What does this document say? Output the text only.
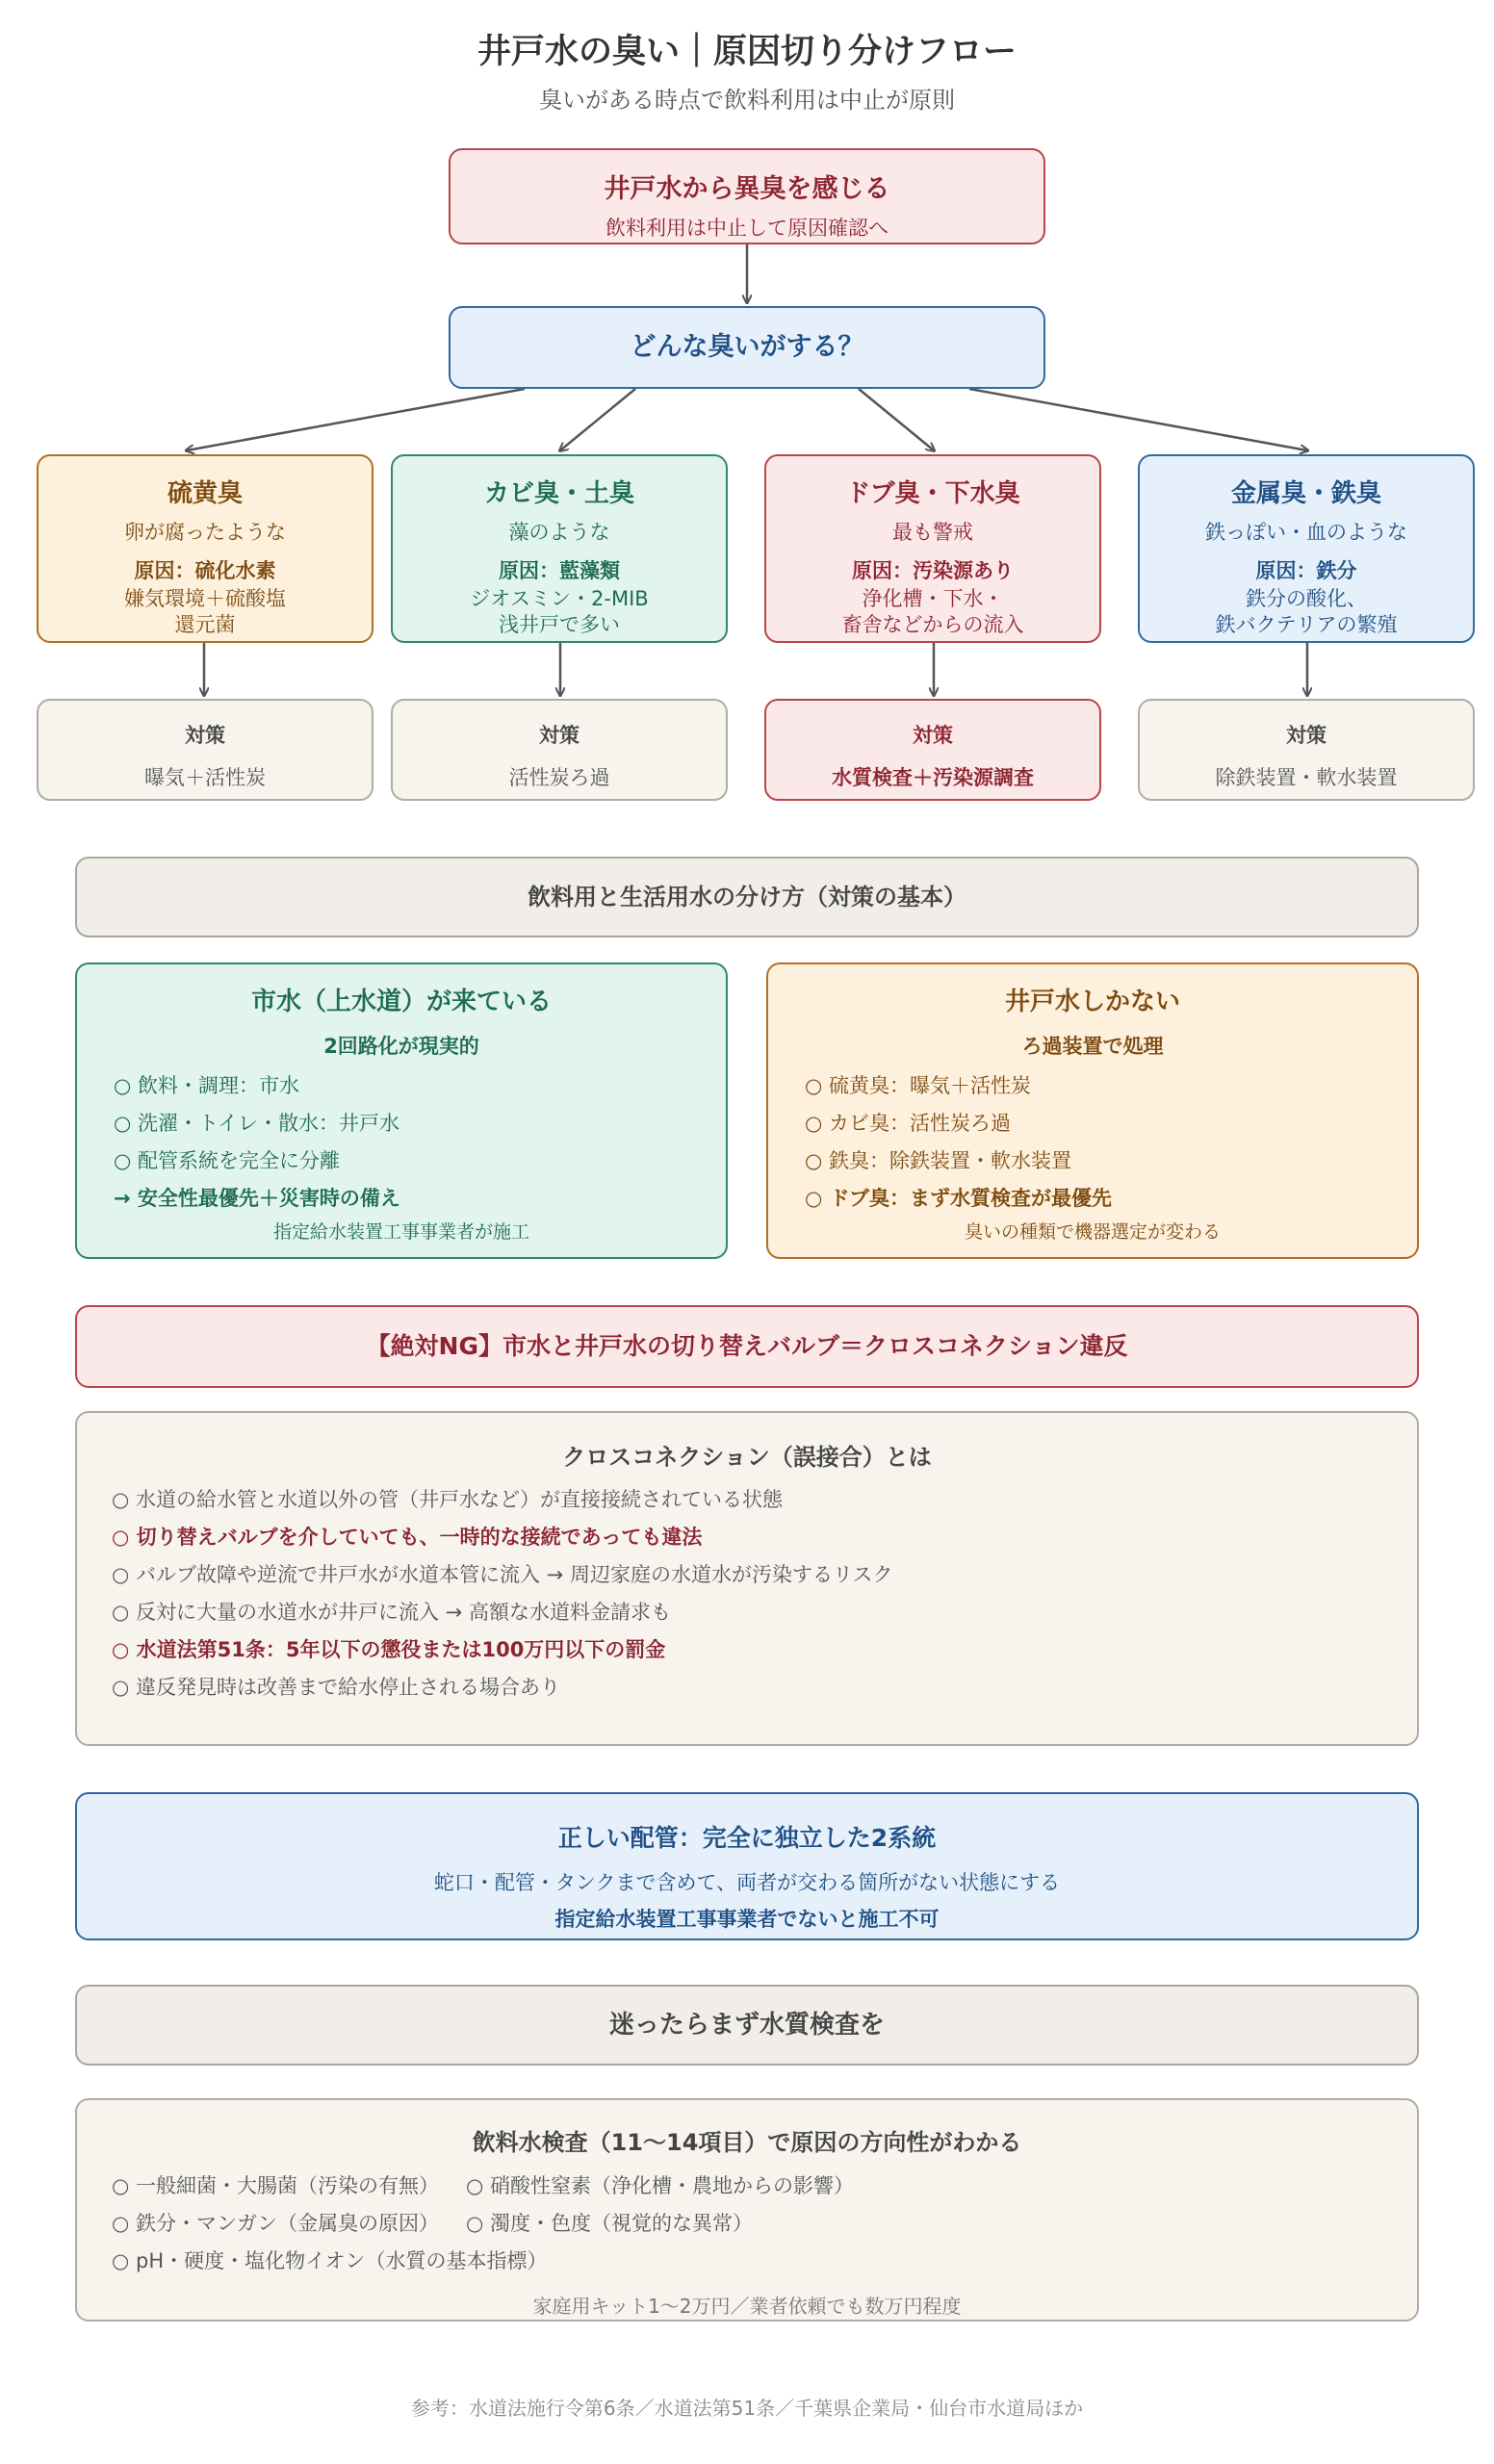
井戸水の臭い｜原因切り分けフロー
臭いがある時点で飲料利用は中止が原則
井戸水から異臭を感じる
飲料利用は中止して原因確認へ
どんな臭いがする？
硫黄臭
卵が腐ったような
原因：硫化水素
嫌気環境＋硫酸塩
還元菌
カビ臭・土臭
藻のような
原因：藍藻類
ジオスミン・2-MIB
浅井戸で多い
ドブ臭・下水臭
最も警戒
原因：汚染源あり
浄化槽・下水・
畜舎などからの流入
金属臭・鉄臭
鉄っぽい・血のような
原因：鉄分
鉄分の酸化、
鉄バクテリアの繁殖
対策
曝気＋活性炭
対策
活性炭ろ過
対策
水質検査＋汚染源調査
対策
除鉄装置・軟水装置
飲料用と生活用水の分け方（対策の基本）
市水（上水道）が来ている
2回路化が現実的
○ 飲料・調理：市水
○ 洗濯・トイレ・散水：井戸水
○ 配管系統を完全に分離
→ 安全性最優先＋災害時の備え
指定給水装置工事事業者が施工
井戸水しかない
ろ過装置で処理
○ 硫黄臭：曝気＋活性炭
○ カビ臭：活性炭ろ過
○ 鉄臭：除鉄装置・軟水装置
○ ドブ臭：まず水質検査が最優先
臭いの種類で機器選定が変わる
【絶対NG】市水と井戸水の切り替えバルブ＝クロスコネクション違反
クロスコネクション（誤接合）とは
○ 水道の給水管と水道以外の管（井戸水など）が直接接続されている状態
○ 切り替えバルブを介していても、一時的な接続であっても違法
○ バルブ故障や逆流で井戸水が水道本管に流入 → 周辺家庭の水道水が汚染するリスク
○ 反対に大量の水道水が井戸に流入 → 高額な水道料金請求も
○ 水道法第51条：5年以下の懲役または100万円以下の罰金
○ 違反発見時は改善まで給水停止される場合あり
正しい配管：完全に独立した2系統
蛇口・配管・タンクまで含めて、両者が交わる箇所がない状態にする
指定給水装置工事事業者でないと施工不可
迷ったらまず水質検査を
飲料水検査（11〜14項目）で原因の方向性がわかる
○ 一般細菌・大腸菌（汚染の有無）
○ 鉄分・マンガン（金属臭の原因）
○ pH・硬度・塩化物イオン（水質の基本指標）
○ 硝酸性窒素（浄化槽・農地からの影響）
○ 濁度・色度（視覚的な異常）
家庭用キット1〜2万円／業者依頼でも数万円程度
参考：水道法施行令第6条／水道法第51条／千葉県企業局・仙台市水道局ほか
